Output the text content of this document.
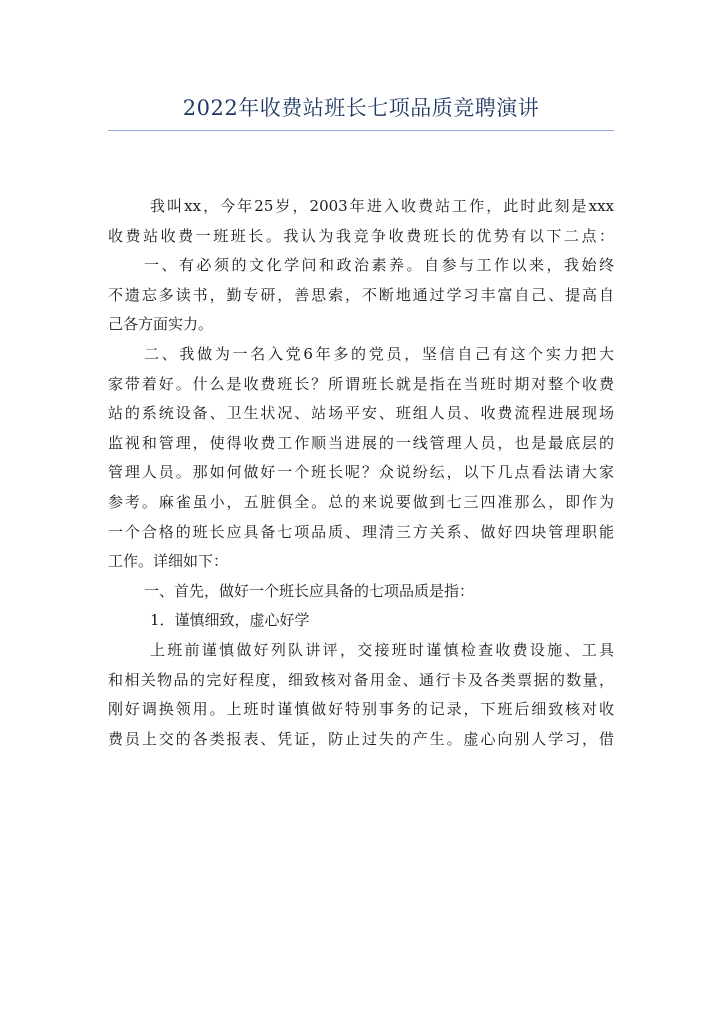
2022年收费站班长七项品质竞聘演讲
我叫xx，今年25岁，2003年进入收费站工作，此时此刻是xxx
收费站收费一班班长。我认为我竞争收费班长的优势有以下二点：
一、有必须的文化学问和政治素养。自参与工作以来，我始终
不遗忘多读书，勤专研，善思索，不断地通过学习丰富自己、提高自
己各方面实力。
二、我做为一名入党6年多的党员，坚信自己有这个实力把大
家带着好。什么是收费班长？所谓班长就是指在当班时期对整个收费
站的系统设备、卫生状况、站场平安、班组人员、收费流程进展现场
监视和管理，使得收费工作顺当进展的一线管理人员，也是最底层的
管理人员。那如何做好一个班长呢？众说纷纭，以下几点看法请大家
参考。麻雀虽小，五脏俱全。总的来说要做到七三四准那么，即作为
一个合格的班长应具备七项品质、理清三方关系、做好四块管理职能
工作。详细如下：
一、首先，做好一个班长应具备的七项品质是指：
1．谨慎细致，虚心好学
上班前谨慎做好列队讲评，交接班时谨慎检查收费设施、工具
和相关物品的完好程度，细致核对备用金、通行卡及各类票据的数量，
刚好调换领用。上班时谨慎做好特别事务的记录，下班后细致核对收
费员上交的各类报表、凭证，防止过失的产生。虚心向别人学习，借
